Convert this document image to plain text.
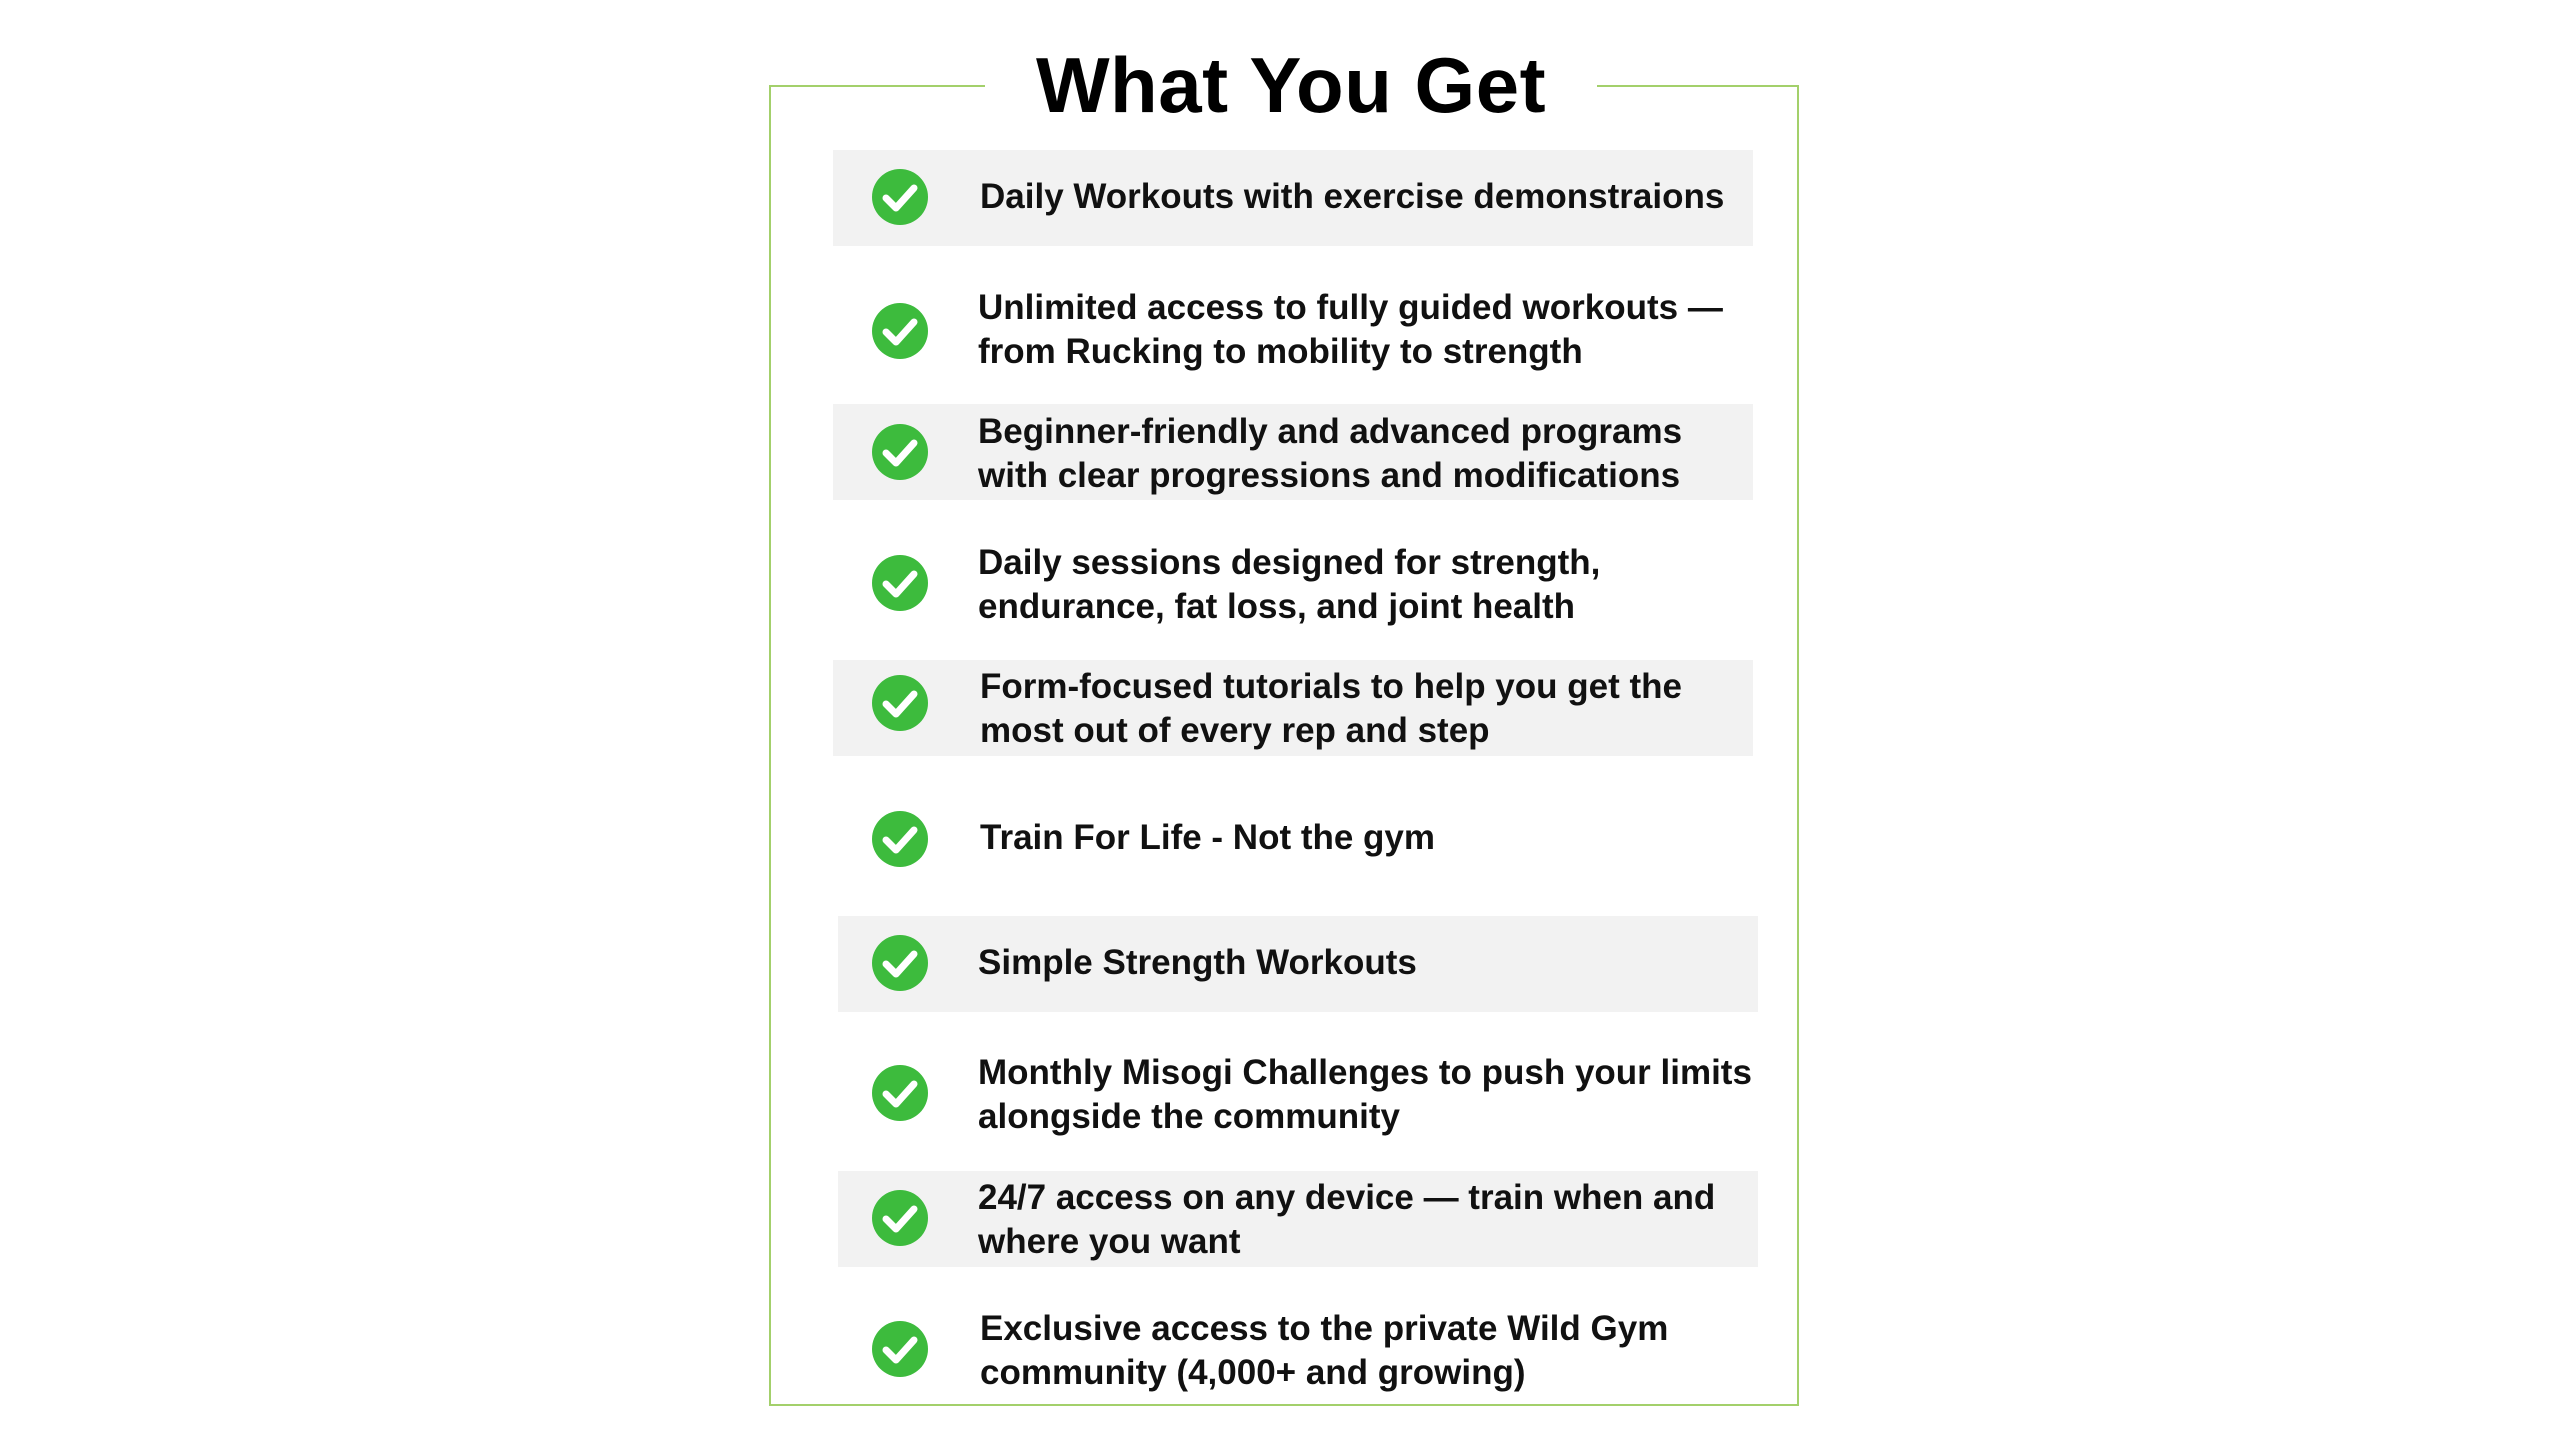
What You Get
Daily Workouts with exercise demonstraions
Unlimited access to fully guided workouts —
from Rucking to mobility to strength
Beginner-friendly and advanced programs
with clear progressions and modifications
Daily sessions designed for strength,
endurance, fat loss, and joint health
Form-focused tutorials to help you get the
most out of every rep and step
Train For Life - Not the gym
Simple Strength Workouts
Monthly Misogi Challenges to push your limits
alongside the community
24/7 access on any device — train when and
where you want
Exclusive access to the private Wild Gym
community (4,000+ and growing)
